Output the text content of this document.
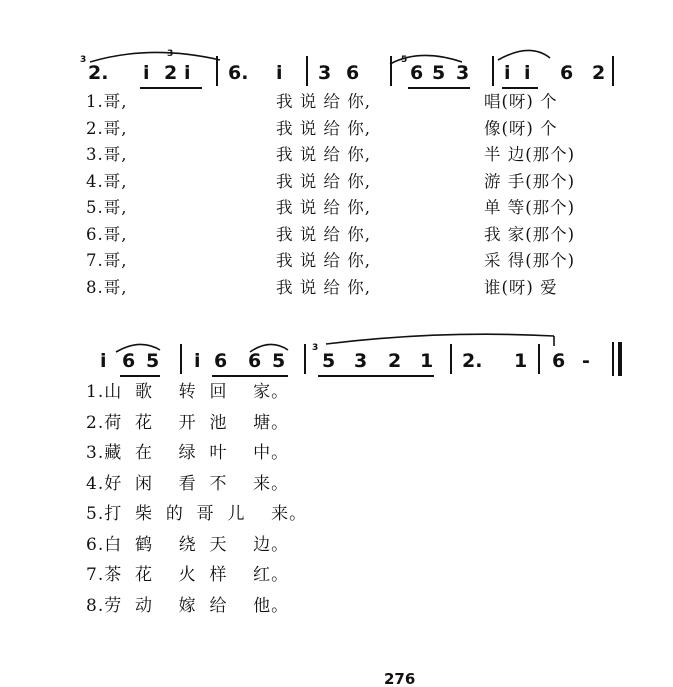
3	5
2. i
3
2 i 6. i 3 6	6 5 3 i i 6 2
1.哥,	我 说 给 你,	唱(呀) 个
2.哥,	我 说 给 你,	像(呀) 个
3.哥,	我 说 给 你,	半 边(那个)
4.哥,	我 说 给 你,	游 手(那个)
5.哥,	我 说 给 你,	单 等(那个)
6.哥,	我 说 给 你,	我 家(那个)
7.哥,	我 说 给 你,	采 得(那个)
8.哥,	我 说 给 你,	谁(呀) 爱
3
i 6 5 i 6 6 5 5 3 2 1 2. 1 6 -
1.山  歌    转  回    家。
2.荷  花    开  池    塘。
3.藏  在    绿  叶    中。
4.好  闲    看  不    来。
5.打  柴  的  哥  儿    来。
6.白  鹤    绕  天    边。
7.茶  花    火  样    红。
8.劳  动    嫁  给    他。
276
